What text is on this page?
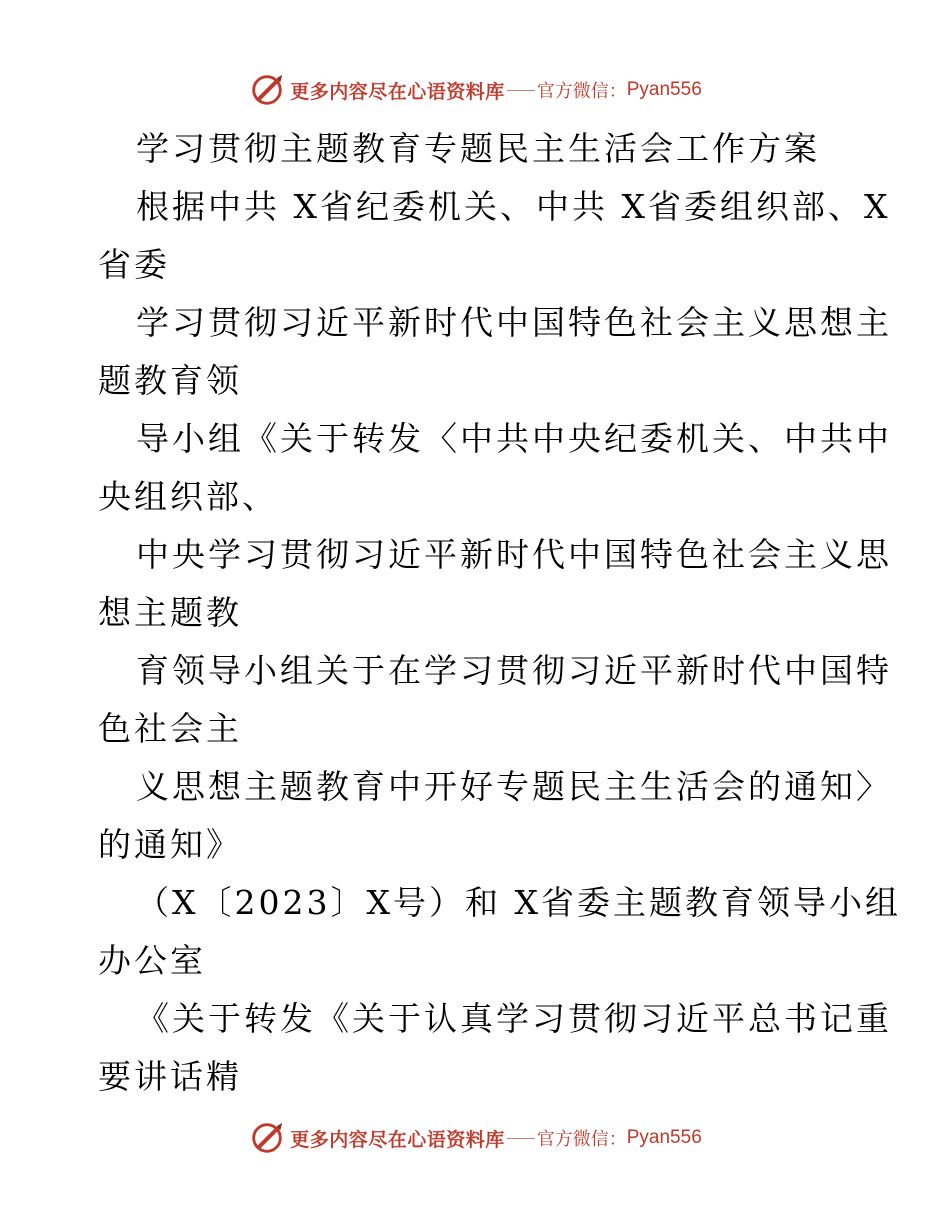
更多内容尽在心语资料库 官方微信： Pyan556
学习贯彻主题教育专题民主生活会工作方案
根据中共 X省纪委机关、中共 X省委组织部、X
省委
学习贯彻习近平新时代中国特色社会主义思想主
题教育领
导小组《关于转发〈中共中央纪委机关、中共中
央组织部、
中央学习贯彻习近平新时代中国特色社会主义思
想主题教
育领导小组关于在学习贯彻习近平新时代中国特
色社会主
义思想主题教育中开好专题民主生活会的通知〉
的通知》
（X〔2023〕X号）和 X省委主题教育领导小组
办公室
《关于转发《关于认真学习贯彻习近平总书记重
要讲话精
更多内容尽在心语资料库 官方微信： Pyan556
